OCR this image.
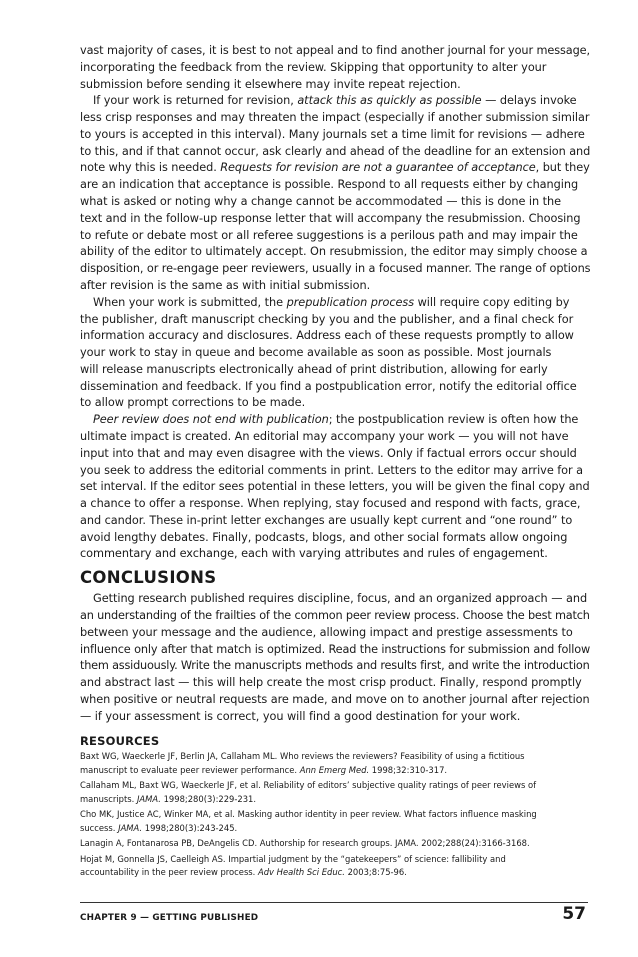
vast majority of cases, it is best to not appeal and to find another journal for your message,
incorporating the feedback from the review. Skipping that opportunity to alter your
submission before sending it elsewhere may invite repeat rejection.

If your work is returned for revision, attack this as quickly as possible — delays invoke
less crisp responses and may threaten the impact (especially if another submission similar
to yours is accepted in this interval). Many journals set a time limit for revisions — adhere
to this, and if that cannot occur, ask clearly and ahead of the deadline for an extension and
note why this is needed. Requests for revision are not a guarantee of acceptance, but they
are an indication that acceptance is possible. Respond to all requests either by changing
what is asked or noting why a change cannot be accommodated — this is done in the
text and in the follow-up response letter that will accompany the resubmission. Choosing
to refute or debate most or all referee suggestions is a perilous path and may impair the
ability of the editor to ultimately accept. On resubmission, the editor may simply choose a
disposition, or re-engage peer reviewers, usually in a focused manner. The range of options
after revision is the same as with initial submission.

When your work is submitted, the prepublication process will require copy editing by
the publisher, draft manuscript checking by you and the publisher, and a final check for
information accuracy and disclosures. Address each of these requests promptly to allow
your work to stay in queue and become available as soon as possible. Most journals
will release manuscripts electronically ahead of print distribution, allowing for early
dissemination and feedback. If you find a postpublication error, notify the editorial office
to allow prompt corrections to be made.

Peer review does not end with publication; the postpublication review is often how the
ultimate impact is created. An editorial may accompany your work — you will not have
input into that and may even disagree with the views. Only if factual errors occur should
you seek to address the editorial comments in print. Letters to the editor may arrive for a
set interval. If the editor sees potential in these letters, you will be given the final copy and
a chance to offer a response. When replying, stay focused and respond with facts, grace,
and candor. These in-print letter exchanges are usually kept current and “one round” to
avoid lengthy debates. Finally, podcasts, blogs, and other social formats allow ongoing
commentary and exchange, each with varying attributes and rules of engagement.

CONCLUSIONS

Getting research published requires discipline, focus, and an organized approach — and
an understanding of the frailties of the common peer review process. Choose the best match
between your message and the audience, allowing impact and prestige assessments to
influence only after that match is optimized. Read the instructions for submission and follow
them assiduously. Write the manuscripts methods and results first, and write the introduction
and abstract last — this will help create the most crisp product. Finally, respond promptly
when positive or neutral requests are made, and move on to another journal after rejection
— if your assessment is correct, you will find a good destination for your work.

RESOURCES
Baxt WG, Waeckerle JF, Berlin JA, Callaham ML. Who reviews the reviewers? Feasibility of using a fictitious
manuscript to evaluate peer reviewer performance. Ann Emerg Med. 1998;32:310-317.
Callaham ML, Baxt WG, Waeckerle JF, et al. Reliability of editors’ subjective quality ratings of peer reviews of
manuscripts. JAMA. 1998;280(3):229-231.
Cho MK, Justice AC, Winker MA, et al. Masking author identity in peer review. What factors influence masking
success. JAMA. 1998;280(3):243-245.
Lanagin A, Fontanarosa PB, DeAngelis CD. Authorship for research groups. JAMA. 2002;288(24):3166-3168.
Hojat M, Gonnella JS, Caelleigh AS. Impartial judgment by the “gatekeepers” of science: fallibility and
accountability in the peer review process. Adv Health Sci Educ. 2003;8:75-96.
CHAPTER 9 — GETTING PUBLISHED	57
